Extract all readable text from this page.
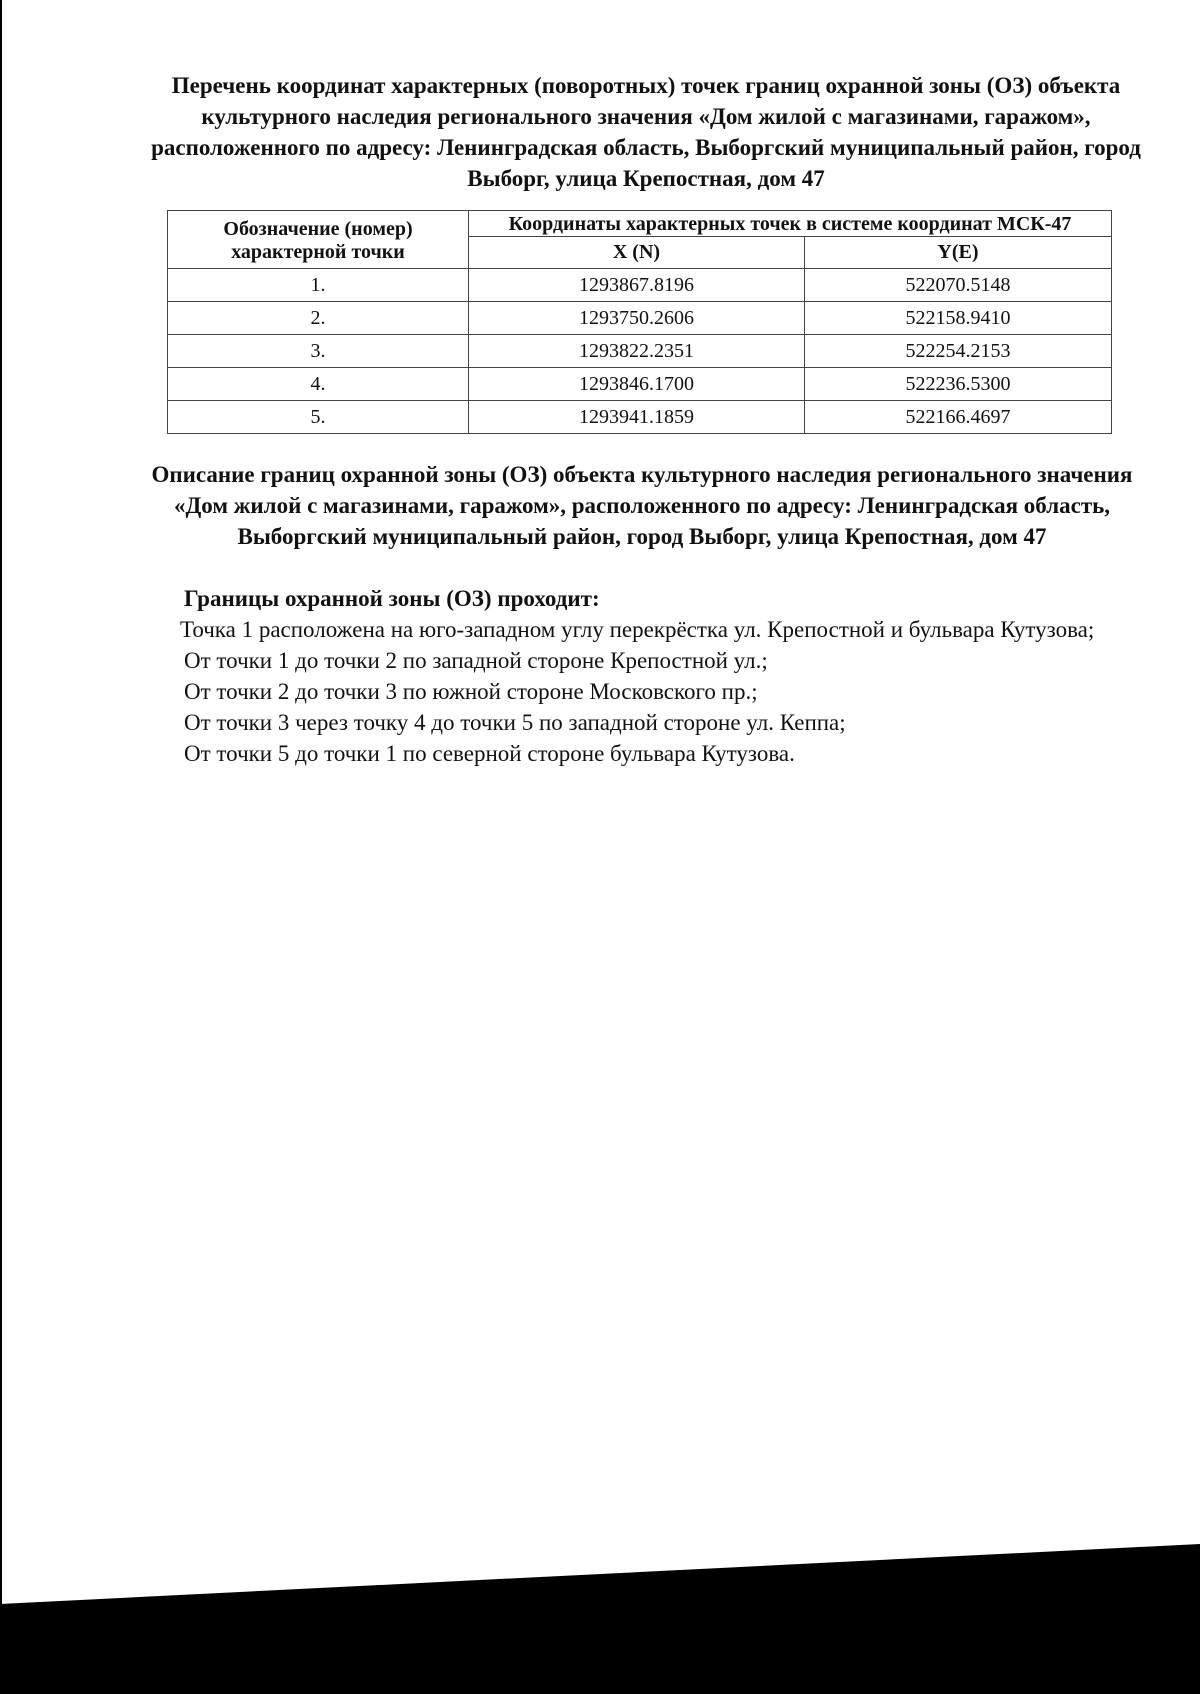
Перечень координат характерных (поворотных) точек границ охранной зоны (ОЗ) объекта культурного наследия регионального значения «Дом жилой с магазинами, гаражом», расположенного по адресу: Ленинградская область, Выборгский муниципальный район, город Выборг, улица Крепостная, дом 47

Обозначение (номер) характерной точки	Координаты характерных точек в системе координат МСК-47	
	X (N)	Y(E)
1.	1293867.8196	522070.5148
2.	1293750.2606	522158.9410
3.	1293822.2351	522254.2153
4.	1293846.1700	522236.5300
5.	1293941.1859	522166.4697

Описание границ охранной зоны (ОЗ) объекта культурного наследия регионального значения «Дом жилой с магазинами, гаражом», расположенного по адресу: Ленинградская область, Выборгский муниципальный район, город Выборг, улица Крепостная, дом 47

Границы охранной зоны (ОЗ) проходит:

Точка 1 расположена на юго-западном углу перекрёстка ул. Крепостной и бульвара Кутузова;

От точки 1 до точки 2 по западной стороне Крепостной ул.;

От точки 2 до точки 3 по южной стороне Московского пр.;

От точки 3 через точку 4 до точки 5 по западной стороне ул. Кеппа;

От точки 5 до точки 1 по северной стороне бульвара Кутузова.
